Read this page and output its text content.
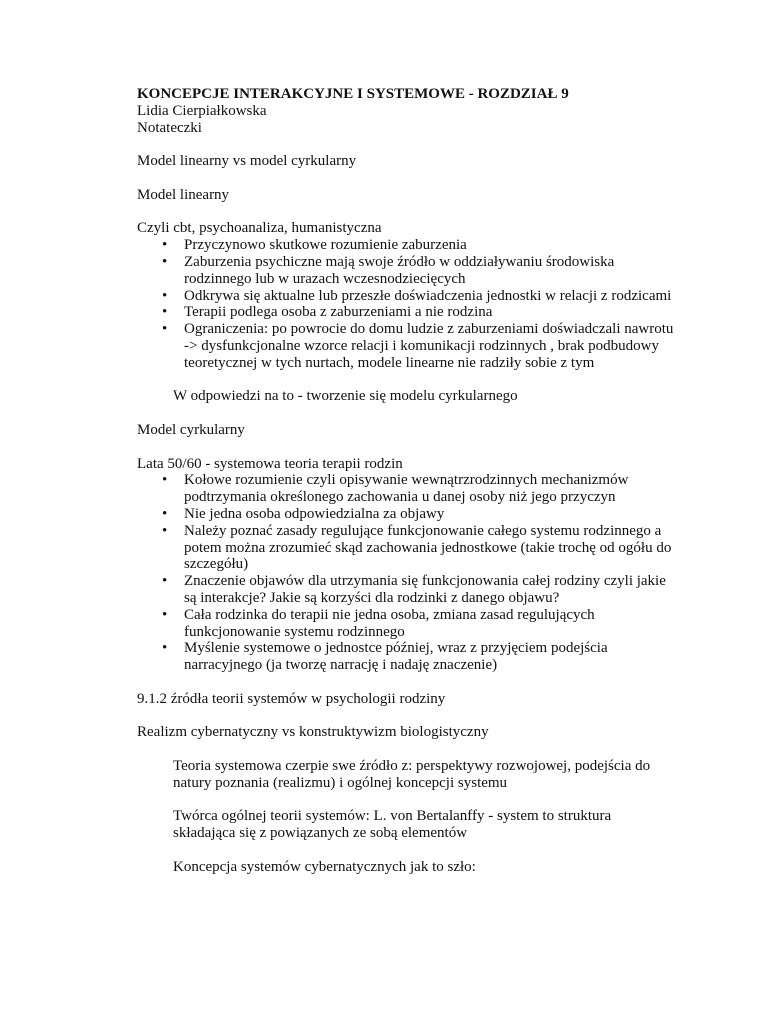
KONCEPCJE INTERAKCYJNE I SYSTEMOWE - ROZDZIAŁ 9

Lidia Cierpiałkowska

Notateczki

Model linearny vs model cyrkularny

Model linearny

Czyli cbt, psychoanaliza, humanistyczna

• Przyczynowo skutkowe rozumienie zaburzenia
• Zaburzenia psychiczne mają swoje źródło w oddziaływaniu środowiska rodzinnego lub w urazach wczesnodziecięcych
• Odkrywa się aktualne lub przeszłe doświadczenia jednostki w relacji z rodzicami
• Terapii podlega osoba z zaburzeniami a nie rodzina
• Ograniczenia: po powrocie do domu ludzie z zaburzeniami doświadczali nawrotu -> dysfunkcjonalne wzorce relacji i komunikacji rodzinnych , brak podbudowy teoretycznej w tych nurtach, modele linearne nie radziły sobie z tym

W odpowiedzi na to - tworzenie się modelu cyrkularnego

Model cyrkularny

Lata 50/60 - systemowa teoria terapii rodzin

• Kołowe rozumienie czyli opisywanie wewnątrzrodzinnych mechanizmów podtrzymania określonego zachowania u danej osoby niż jego przyczyn
• Nie jedna osoba odpowiedzialna za objawy
• Należy poznać zasady regulujące funkcjonowanie całego systemu rodzinnego a potem można zrozumieć skąd zachowania jednostkowe (takie trochę od ogółu do szczegółu)
• Znaczenie objawów dla utrzymania się funkcjonowania całej rodziny czyli jakie są interakcje? Jakie są korzyści dla rodzinki z danego objawu?
• Cała rodzinka do terapii nie jedna osoba, zmiana zasad regulujących funkcjonowanie systemu rodzinnego
• Myślenie systemowe o jednostce później, wraz z przyjęciem podejścia narracyjnego (ja tworzę narrację i nadaję znaczenie)

9.1.2 źródła teorii systemów w psychologii rodziny

Realizm cybernatyczny vs konstruktywizm biologistyczny

Teoria systemowa czerpie swe źródło z: perspektywy rozwojowej, podejścia do natury poznania (realizmu) i ogólnej koncepcji systemu

Twórca ogólnej teorii systemów: L. von Bertalanffy - system to struktura składająca się z powiązanych ze sobą elementów

Koncepcja systemów cybernatycznych jak to szło:
